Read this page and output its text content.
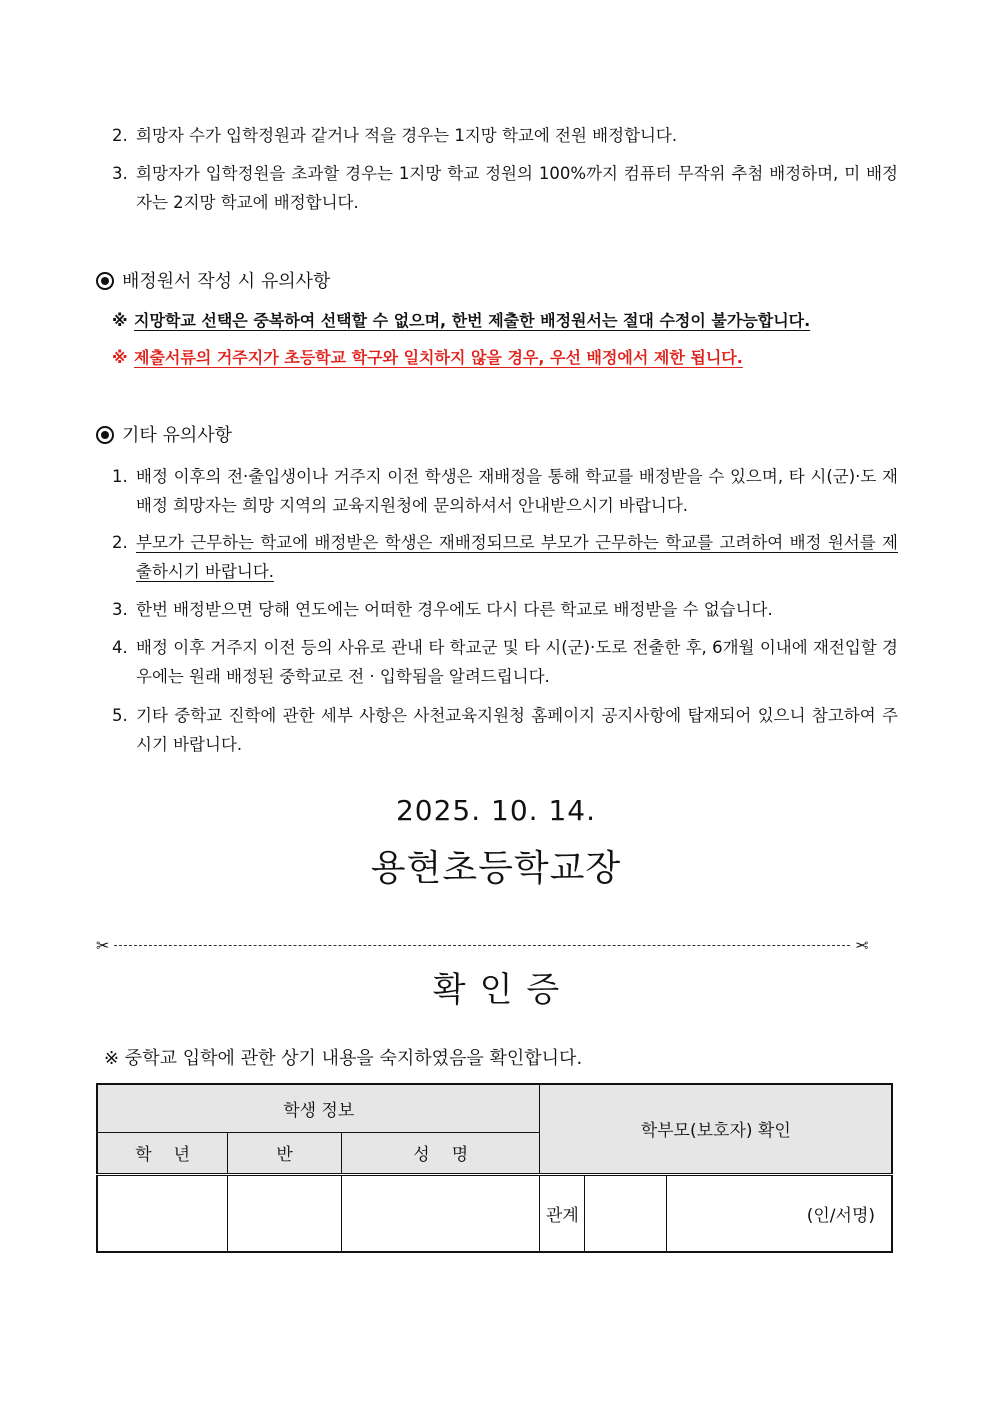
2. 희망자 수가 입학정원과 같거나 적을 경우는 1지망 학교에 전원 배정합니다.
3. 희망자가 입학정원을 초과할 경우는 1지망 학교 정원의 100%까지 컴퓨터 무작위 추첨 배정하며, 미 배정자는 2지망 학교에 배정합니다.
배정원서 작성 시 유의사항
※ 지망학교 선택은 중복하여 선택할 수 없으며, 한번 제출한 배정원서는 절대 수정이 불가능합니다.
※ 제출서류의 거주지가 초등학교 학구와 일치하지 않을 경우, 우선 배정에서 제한 됩니다.
기타 유의사항
1. 배정 이후의 전·출입생이나 거주지 이전 학생은 재배정을 통해 학교를 배정받을 수 있으며, 타 시(군)·도 재배정 희망자는 희망 지역의 교육지원청에 문의하셔서 안내받으시기 바랍니다.
2. 부모가 근무하는 학교에 배정받은 학생은 재배정되므로 부모가 근무하는 학교를 고려하여 배정 원서를 제출하시기 바랍니다.
3. 한번 배정받으면 당해 연도에는 어떠한 경우에도 다시 다른 학교로 배정받을 수 없습니다.
4. 배정 이후 거주지 이전 등의 사유로 관내 타 학교군 및 타 시(군)·도로 전출한 후, 6개월 이내에 재전입할 경우에는 원래 배정된 중학교로 전 · 입학됨을 알려드립니다.
5. 기타 중학교 진학에 관한 세부 사항은 사천교육지원청 홈페이지 공지사항에 탑재되어 있으니 참고하여 주시기 바랍니다.
2025. 10. 14.
용현초등학교장
✂	✂
확인증
※ 중학교 입학에 관한 상기 내용을 숙지하였음을 확인합니다.
학생 정보			학부모(보호자) 확인		
학년	반	성명			
			관계		(인/서명)
